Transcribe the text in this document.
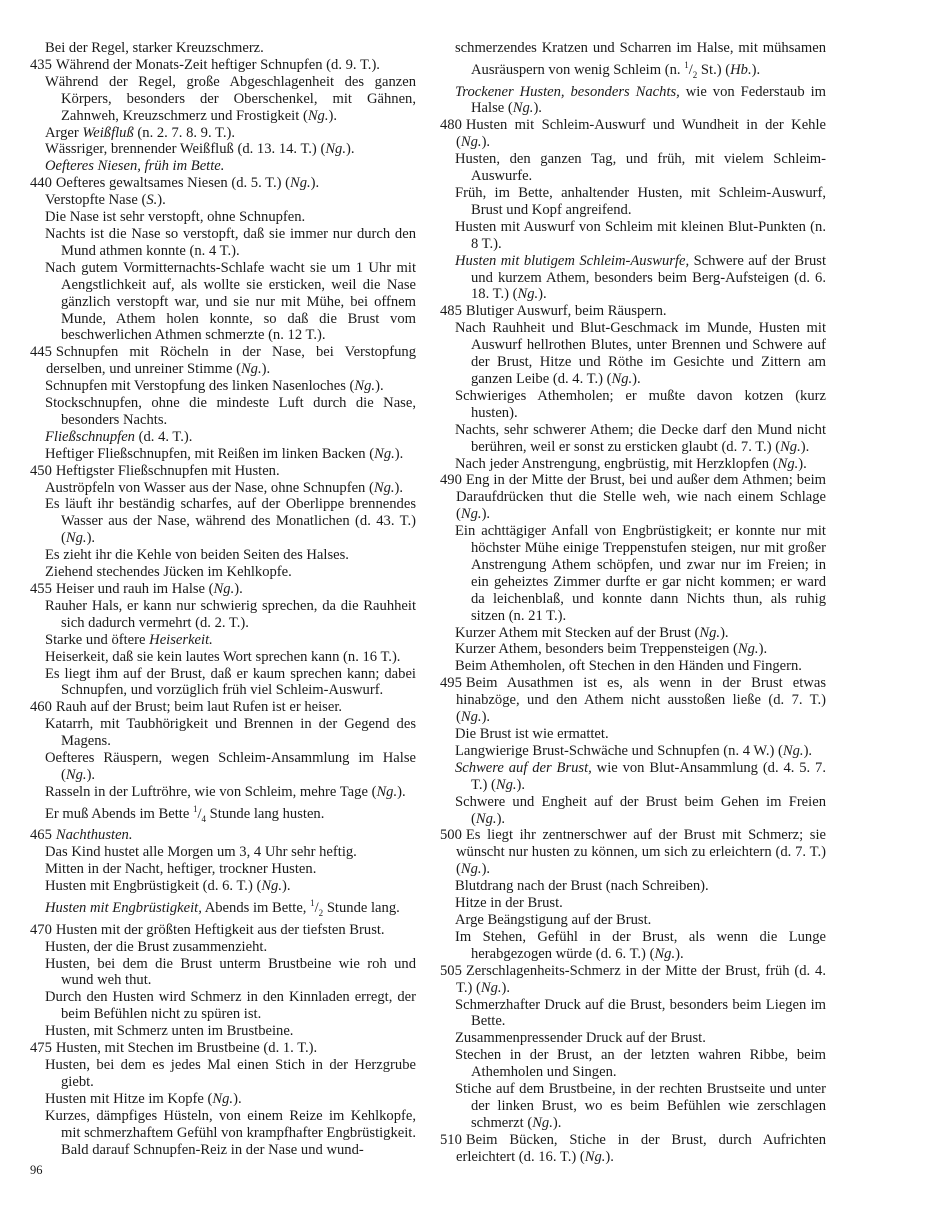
Bei der Regel, starker Kreuzschmerz.
435 Während der Monats-Zeit heftiger Schnupfen (d. 9. T.).
Während der Regel, große Abgeschlagenheit des ganzen Körpers, besonders der Oberschenkel, mit Gähnen, Zahnweh, Kreuzschmerz und Frostigkeit (Ng.).
Arger Weißfluß (n. 2. 7. 8. 9. T.).
Wässriger, brennender Weißfluß (d. 13. 14. T.) (Ng.).
Oefteres Niesen, früh im Bette.
440 Oefteres gewaltsames Niesen (d. 5. T.) (Ng.).
Verstopfte Nase (S.).
Die Nase ist sehr verstopft, ohne Schnupfen.
Nachts ist die Nase so verstopft, daß sie immer nur durch den Mund athmen konnte (n. 4 T.).
Nach gutem Vormitternachts-Schlafe wacht sie um 1 Uhr mit Aengstlichkeit auf, als wollte sie ersticken, weil die Nase gänzlich verstopft war, und sie nur mit Mühe, bei offnem Munde, Athem holen konnte, so daß die Brust vom beschwerlichen Athmen schmerzte (n. 12 T.).
445 Schnupfen mit Röcheln in der Nase, bei Verstopfung derselben, und unreiner Stimme (Ng.).
Schnupfen mit Verstopfung des linken Nasenloches (Ng.).
Stockschnupfen, ohne die mindeste Luft durch die Nase, besonders Nachts.
Fließschnupfen (d. 4. T.).
Heftiger Fließschnupfen, mit Reißen im linken Backen (Ng.).
450 Heftigster Fließschnupfen mit Husten.
Auströpfeln von Wasser aus der Nase, ohne Schnupfen (Ng.).
Es läuft ihr beständig scharfes, auf der Oberlippe brennendes Wasser aus der Nase, während des Monatlichen (d. 43. T.) (Ng.).
Es zieht ihr die Kehle von beiden Seiten des Halses.
Ziehend stechendes Jücken im Kehlkopfe.
455 Heiser und rauh im Halse (Ng.).
Rauher Hals, er kann nur schwierig sprechen, da die Rauhheit sich dadurch vermehrt (d. 2. T.).
Starke und öftere Heiserkeit.
Heiserkeit, daß sie kein lautes Wort sprechen kann (n. 16 T.).
Es liegt ihm auf der Brust, daß er kaum sprechen kann; dabei Schnupfen, und vorzüglich früh viel Schleim-Auswurf.
460 Rauh auf der Brust; beim laut Rufen ist er heiser.
Katarrh, mit Taubhörigkeit und Brennen in der Gegend des Magens.
Oefteres Räuspern, wegen Schleim-Ansammlung im Halse (Ng.).
Rasseln in der Luftröhre, wie von Schleim, mehre Tage (Ng.).
Er muß Abends im Bette $^1/_4$ Stunde lang husten.
465 Nachthusten.
Das Kind hustet alle Morgen um 3, 4 Uhr sehr heftig.
Mitten in der Nacht, heftiger, trockner Husten.
Husten mit Engbrüstigkeit (d. 6. T.) (Ng.).
Husten mit Engbrüstigkeit, Abends im Bette, $^1/_2$ Stunde lang.
470 Husten mit der größten Heftigkeit aus der tiefsten Brust.
Husten, der die Brust zusammenzieht.
Husten, bei dem die Brust unterm Brustbeine wie roh und wund weh thut.
Durch den Husten wird Schmerz in den Kinnladen erregt, der beim Befühlen nicht zu spüren ist.
Husten, mit Schmerz unten im Brustbeine.
475 Husten, mit Stechen im Brustbeine (d. 1. T.).
Husten, bei dem es jedes Mal einen Stich in der Herzgrube giebt.
Husten mit Hitze im Kopfe (Ng.).
Kurzes, dämpfiges Hüsteln, von einem Reize im Kehlkopfe, mit schmerzhaftem Gefühl von krampfhafter Engbrüstigkeit. Bald darauf Schnupfen-Reiz in der Nase und wund-
schmerzendes Kratzen und Scharren im Halse, mit mühsamen Ausräuspern von wenig Schleim (n. $^1/_2$ St.) (Hb.).
Trockener Husten, besonders Nachts, wie von Federstaub im Halse (Ng.).
480 Husten mit Schleim-Auswurf und Wundheit in der Kehle (Ng.).
Husten, den ganzen Tag, und früh, mit vielem Schleim-Auswurfe.
Früh, im Bette, anhaltender Husten, mit Schleim-Auswurf, Brust und Kopf angreifend.
Husten mit Auswurf von Schleim mit kleinen Blut-Punkten (n. 8 T.).
Husten mit blutigem Schleim-Auswurfe, Schwere auf der Brust und kurzem Athem, besonders beim Berg-Aufsteigen (d. 6. 18. T.) (Ng.).
485 Blutiger Auswurf, beim Räuspern.
Nach Rauhheit und Blut-Geschmack im Munde, Husten mit Auswurf hellrothen Blutes, unter Brennen und Schwere auf der Brust, Hitze und Röthe im Gesichte und Zittern am ganzen Leibe (d. 4. T.) (Ng.).
Schwieriges Athemholen; er mußte davon kotzen (kurz husten).
Nachts, sehr schwerer Athem; die Decke darf den Mund nicht berühren, weil er sonst zu ersticken glaubt (d. 7. T.) (Ng.).
Nach jeder Anstrengung, engbrüstig, mit Herzklopfen (Ng.).
490 Eng in der Mitte der Brust, bei und außer dem Athmen; beim Daraufdrücken thut die Stelle weh, wie nach einem Schlage (Ng.).
Ein achttägiger Anfall von Engbrüstigkeit; er konnte nur mit höchster Mühe einige Treppenstufen steigen, nur mit großer Anstrengung Athem schöpfen, und zwar nur im Freien; in ein geheiztes Zimmer durfte er gar nicht kommen; er ward da leichenblaß, und konnte dann Nichts thun, als ruhig sitzen (n. 21 T.).
Kurzer Athem mit Stecken auf der Brust (Ng.).
Kurzer Athem, besonders beim Treppensteigen (Ng.).
Beim Athemholen, oft Stechen in den Händen und Fingern.
495 Beim Ausathmen ist es, als wenn in der Brust etwas hinabzöge, und den Athem nicht ausstoßen ließe (d. 7. T.) (Ng.).
Die Brust ist wie ermattet.
Langwierige Brust-Schwäche und Schnupfen (n. 4 W.) (Ng.).
Schwere auf der Brust, wie von Blut-Ansammlung (d. 4. 5. 7. T.) (Ng.).
Schwere und Engheit auf der Brust beim Gehen im Freien (Ng.).
500 Es liegt ihr zentnerschwer auf der Brust mit Schmerz; sie wünscht nur husten zu können, um sich zu erleichtern (d. 7. T.) (Ng.).
Blutdrang nach der Brust (nach Schreiben).
Hitze in der Brust.
Arge Beängstigung auf der Brust.
Im Stehen, Gefühl in der Brust, als wenn die Lunge herabgezogen würde (d. 6. T.) (Ng.).
505 Zerschlagenheits-Schmerz in der Mitte der Brust, früh (d. 4. T.) (Ng.).
Schmerzhafter Druck auf die Brust, besonders beim Liegen im Bette.
Zusammenpressender Druck auf der Brust.
Stechen in der Brust, an der letzten wahren Ribbe, beim Athemholen und Singen.
Stiche auf dem Brustbeine, in der rechten Brustseite und unter der linken Brust, wo es beim Befühlen wie zerschlagen schmerzt (Ng.).
510 Beim Bücken, Stiche in der Brust, durch Aufrichten erleichtert (d. 16. T.) (Ng.).
96
